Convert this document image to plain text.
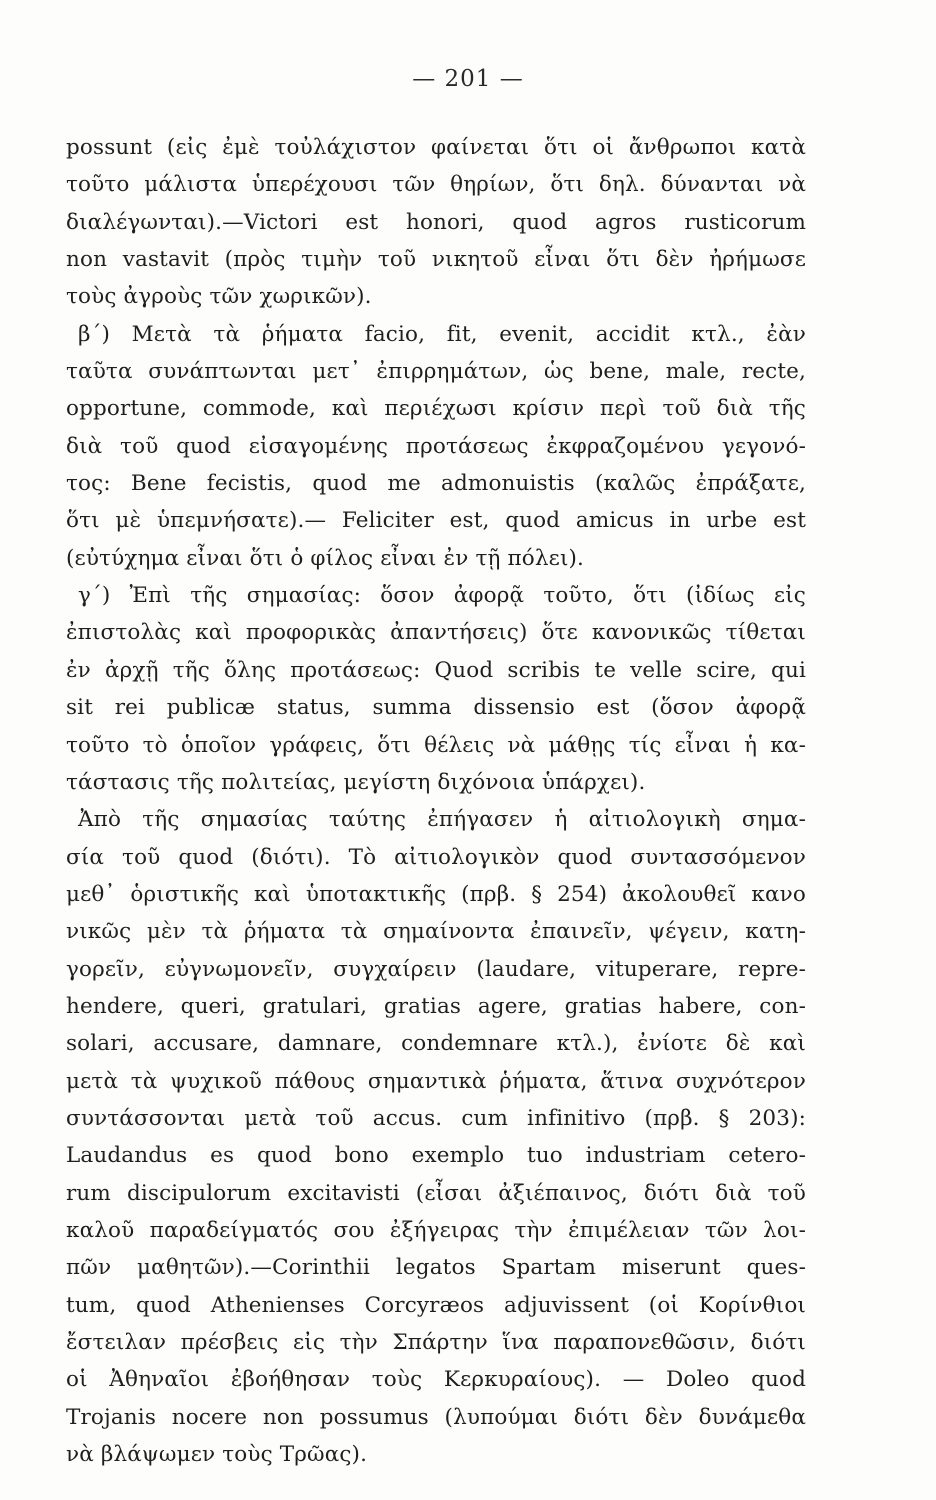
— 201 —
possunt (εἰς ἐμὲ τοὐλάχιστον φαίνεται ὅτι οἱ ἄνθρωποι κατὰ
τοῦτο μάλιστα ὑπερέχουσι τῶν θηρίων, ὅτι δηλ. δύνανται νὰ
διαλέγωνται).—Victori est honori, quod agros rusticorum
non vastavit (πρὸς τιμὴν τοῦ νικητοῦ εἶναι ὅτι δὲν ἠρήμωσε
τοὺς ἀγροὺς τῶν χωρικῶν).
β΄) Μετὰ τὰ ῥήματα facio, fit, evenit, accidit κτλ., ἐὰν
ταῦτα συνάπτωνται μετ᾽ ἐπιρρημάτων, ὡς bene, male, recte,
opportune, commode, καὶ περιέχωσι κρίσιν περὶ τοῦ διὰ τῆς
διὰ τοῦ quod εἰσαγομένης προτάσεως ἐκφραζομένου γεγονό-
τος: Bene fecistis, quod me admonuistis (καλῶς ἐπράξατε,
ὅτι μὲ ὑπεμνήσατε).— Feliciter est, quod amicus in urbe est
(εὐτύχημα εἶναι ὅτι ὁ φίλος εἶναι ἐν τῇ πόλει).
γ΄) Ἐπὶ τῆς σημασίας: ὅσον ἀφορᾷ τοῦτο, ὅτι (ἰδίως εἰς
ἐπιστολὰς καὶ προφορικὰς ἀπαντήσεις) ὅτε κανονικῶς τίθεται
ἐν ἀρχῇ τῆς ὅλης προτάσεως: Quod scribis te velle scire, qui
sit rei publicæ status, summa dissensio est (ὅσον ἀφορᾷ
τοῦτο τὸ ὁποῖον γράφεις, ὅτι θέλεις νὰ μάθῃς τίς εἶναι ἡ κα-
τάστασις τῆς πολιτείας, μεγίστη διχόνοια ὑπάρχει).
Ἀπὸ τῆς σημασίας ταύτης ἐπήγασεν ἡ αἰτιολογικὴ σημα-
σία τοῦ quod (διότι). Τὸ αἰτιολογικὸν quod συντασσόμενον
μεθ᾽ ὁριστικῆς καὶ ὑποτακτικῆς (πρβ. § 254) ἀκολουθεῖ κανο
νικῶς μὲν τὰ ῥήματα τὰ σημαίνοντα ἐπαινεῖν, ψέγειν, κατη-
γορεῖν, εὐγνωμονεῖν, συγχαίρειν (laudare, vituperare, repre-
hendere, queri, gratulari, gratias agere, gratias habere, con-
solari, accusare, damnare, condemnare κτλ.), ἐνίοτε δὲ καὶ
μετὰ τὰ ψυχικοῦ πάθους σημαντικὰ ῥήματα, ἅτινα συχνότερον
συντάσσονται μετὰ τοῦ accus. cum infinitivo (πρβ. § 203):
Laudandus es quod bono exemplo tuo industriam cetero-
rum discipulorum excitavisti (εἶσαι ἀξιέπαινος, διότι διὰ τοῦ
καλοῦ παραδείγματός σου ἐξήγειρας τὴν ἐπιμέλειαν τῶν λοι-
πῶν μαθητῶν).—Corinthii legatos Spartam miserunt ques-
tum, quod Athenienses Corcyræos adjuvissent (οἱ Κορίνθιοι
ἔστειλαν πρέσβεις εἰς τὴν Σπάρτην ἵνα παραπονεθῶσιν, διότι
οἱ Ἀθηναῖοι ἐβοήθησαν τοὺς Κερκυραίους). — Doleo quod
Trojanis nocere non possumus (λυπούμαι διότι δὲν δυνάμεθα
νὰ βλάψωμεν τοὺς Τρῶας).
